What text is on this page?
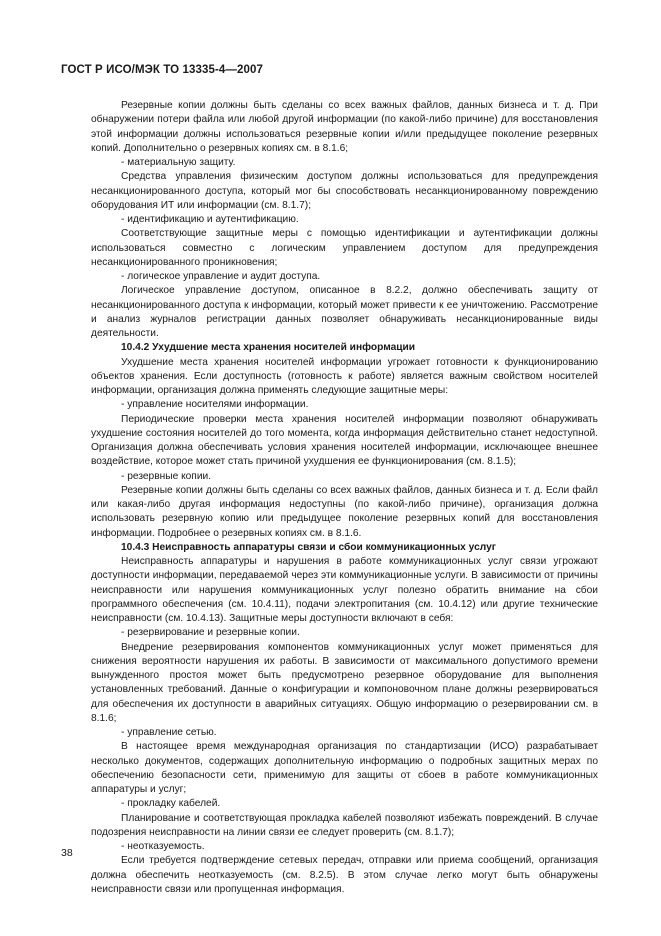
ГОСТ Р ИСО/МЭК ТО 13335-4—2007

Резервные копии должны быть сделаны со всех важных файлов, данных бизнеса и т. д. При обнаружении потери файла или любой другой информации (по какой-либо причине) для восстановления этой информации должны использоваться резервные копии и/или предыдущее поколение резервных копий. Дополнительно о резервных копиях см. в 8.1.6;

- материальную защиту.

Средства управления физическим доступом должны использоваться для предупреждения несанкционированного доступа, который мог бы способствовать несанкционированному повреждению оборудования ИТ или информации (см. 8.1.7);

- идентификацию и аутентификацию.

Соответствующие защитные меры с помощью идентификации и аутентификации должны использоваться совместно с логическим управлением доступом для предупреждения несанкционированного проникновения;

- логическое управление и аудит доступа.

Логическое управление доступом, описанное в 8.2.2, должно обеспечивать защиту от несанкционированного доступа к информации, который может привести к ее уничтожению. Рассмотрение и анализ журналов регистрации данных позволяет обнаруживать несанкционированные виды деятельности.

10.4.2 Ухудшение места хранения носителей информации

Ухудшение места хранения носителей информации угрожает готовности к функционированию объектов хранения. Если доступность (готовность к работе) является важным свойством носителей информации, организация должна применять следующие защитные меры:

- управление носителями информации.

Периодические проверки места хранения носителей информации позволяют обнаруживать ухудшение состояния носителей до того момента, когда информация действительно станет недоступной. Организация должна обеспечивать условия хранения носителей информации, исключающее внешнее воздействие, которое может стать причиной ухудшения ее функционирования (см. 8.1.5);

- резервные копии.

Резервные копии должны быть сделаны со всех важных файлов, данных бизнеса и т. д. Если файл или какая-либо другая информация недоступны (по какой-либо причине), организация должна использовать резервную копию или предыдущее поколение резервных копий для восстановления информации. Подробнее о резервных копиях см. в 8.1.6.

10.4.3 Неисправность аппаратуры связи и сбои коммуникационных услуг

Неисправность аппаратуры и нарушения в работе коммуникационных услуг связи угрожают доступности информации, передаваемой через эти коммуникационные услуги. В зависимости от причины неисправности или нарушения коммуникационных услуг полезно обратить внимание на сбои программного обеспечения (см. 10.4.11), подачи электропитания (см. 10.4.12) или другие технические неисправности (см. 10.4.13). Защитные меры доступности включают в себя:

- резервирование и резервные копии.

Внедрение резервирования компонентов коммуникационных услуг может применяться для снижения вероятности нарушения их работы. В зависимости от максимального допустимого времени вынужденного простоя может быть предусмотрено резервное оборудование для выполнения установленных требований. Данные о конфигурации и компоновочном плане должны резервироваться для обеспечения их доступности в аварийных ситуациях. Общую информацию о резервировании см. в 8.1.6;

- управление сетью.

В настоящее время международная организация по стандартизации (ИСО) разрабатывает несколько документов, содержащих дополнительную информацию о подробных защитных мерах по обеспечению безопасности сети, применимую для защиты от сбоев в работе коммуникационных аппаратуры и услуг;

- прокладку кабелей.

Планирование и соответствующая прокладка кабелей позволяют избежать повреждений. В случае подозрения неисправности на линии связи ее следует проверить (см. 8.1.7);

- неотказуемость.

Если требуется подтверждение сетевых передач, отправки или приема сообщений, организация должна обеспечить неотказуемость (см. 8.2.5). В этом случае легко могут быть обнаружены неисправности связи или пропущенная информация.

38
